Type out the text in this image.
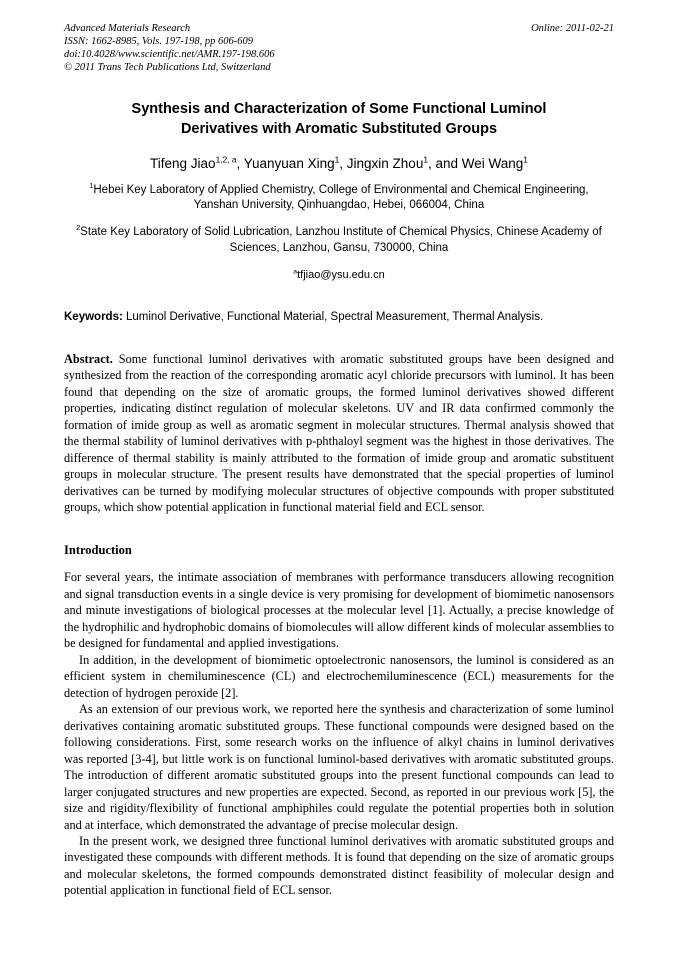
Advanced Materials Research
ISSN: 1662-8985, Vols. 197-198, pp 606-609
doi:10.4028/www.scientific.net/AMR.197-198.606
© 2011 Trans Tech Publications Ltd, Switzerland
Online: 2011-02-21
Synthesis and Characterization of Some Functional Luminol Derivatives with Aromatic Substituted Groups

Tifeng Jiao$^{1,2, a}$, Yuanyuan Xing$^1$, Jingxin Zhou$^1$, and Wei Wang$^1$

$^1$Hebei Key Laboratory of Applied Chemistry, College of Environmental and Chemical Engineering, Yanshan University, Qinhuangdao, Hebei, 066004, China

$^2$State Key Laboratory of Solid Lubrication, Lanzhou Institute of Chemical Physics, Chinese Academy of Sciences, Lanzhou, Gansu, 730000, China

$^a$tfjiao@ysu.edu.cn

Keywords: Luminol Derivative, Functional Material, Spectral Measurement, Thermal Analysis.

Abstract. Some functional luminol derivatives with aromatic substituted groups have been designed and synthesized from the reaction of the corresponding aromatic acyl chloride precursors with luminol. It has been found that depending on the size of aromatic groups, the formed luminol derivatives showed different properties, indicating distinct regulation of molecular skeletons. UV and IR data confirmed commonly the formation of imide group as well as aromatic segment in molecular structures. Thermal analysis showed that the thermal stability of luminol derivatives with p-phthaloyl segment was the highest in those derivatives. The difference of thermal stability is mainly attributed to the formation of imide group and aromatic substituent groups in molecular structure. The present results have demonstrated that the special properties of luminol derivatives can be turned by modifying molecular structures of objective compounds with proper substituted groups, which show potential application in functional material field and ECL sensor.

Introduction

For several years, the intimate association of membranes with performance transducers allowing recognition and signal transduction events in a single device is very promising for development of biomimetic nanosensors and minute investigations of biological processes at the molecular level [1]. Actually, a precise knowledge of the hydrophilic and hydrophobic domains of biomolecules will allow different kinds of molecular assemblies to be designed for fundamental and applied investigations.

In addition, in the development of biomimetic optoelectronic nanosensors, the luminol is considered as an efficient system in chemiluminescence (CL) and electrochemiluminescence (ECL) measurements for the detection of hydrogen peroxide [2].

As an extension of our previous work, we reported here the synthesis and characterization of some luminol derivatives containing aromatic substituted groups. These functional compounds were designed based on the following considerations. First, some research works on the influence of alkyl chains in luminol derivatives was reported [3-4], but little work is on functional luminol-based derivatives with aromatic substituted groups. The introduction of different aromatic substituted groups into the present functional compounds can lead to larger conjugated structures and new properties are expected. Second, as reported in our previous work [5], the size and rigidity/flexibility of functional amphiphiles could regulate the potential properties both in solution and at interface, which demonstrated the advantage of precise molecular design.

In the present work, we designed three functional luminol derivatives with aromatic substituted groups and investigated these compounds with different methods. It is found that depending on the size of aromatic groups and molecular skeletons, the formed compounds demonstrated distinct feasibility of molecular design and potential application in functional field of ECL sensor.
